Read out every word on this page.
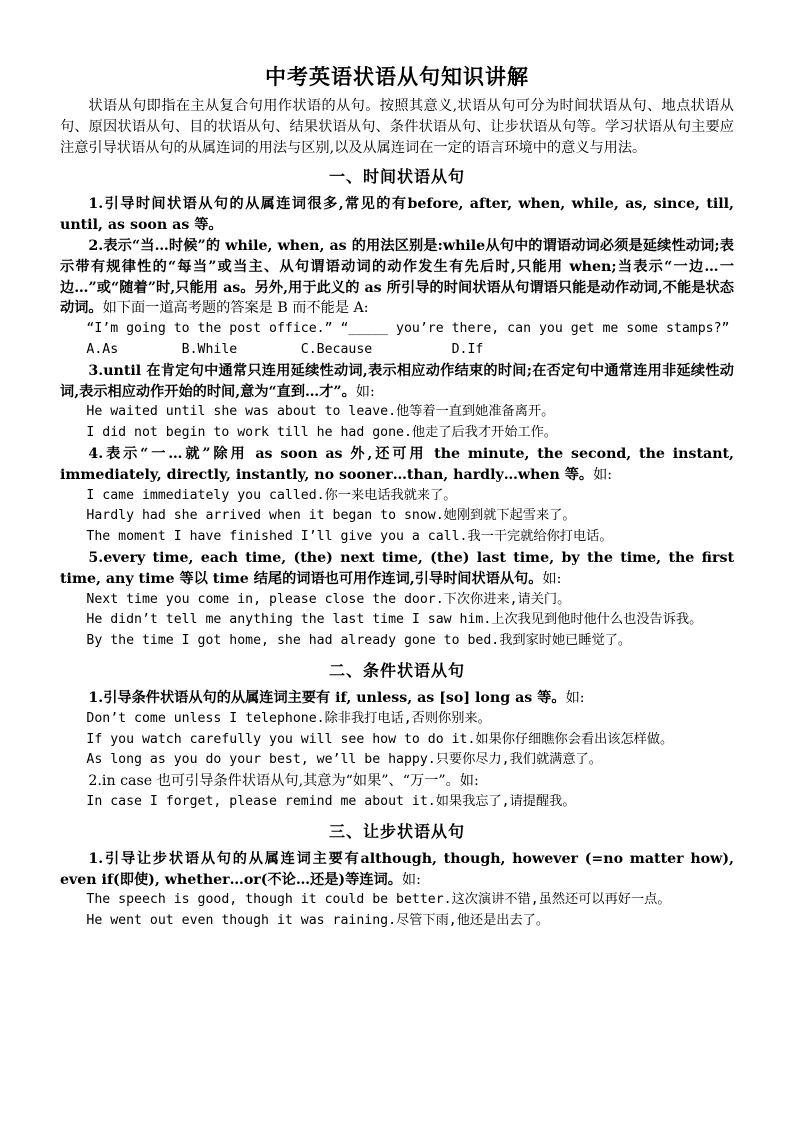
中考英语状语从句知识讲解

状语从句即指在主从复合句用作状语的从句。按照其意义,状语从句可分为时间状语从句、地点状语从句、原因状语从句、目的状语从句、结果状语从句、条件状语从句、让步状语从句等。学习状语从句主要应注意引导状语从句的从属连词的用法与区别,以及从属连词在一定的语言环境中的意义与用法。

一、时间状语从句

1.引导时间状语从句的从属连词很多,常见的有before, after, when, while, as, since, till, until, as soon as 等。

2.表示“当…时候”的 while, when, as 的用法区别是:while从句中的谓语动词必须是延续性动词;表示带有规律性的“每当”或当主、从句谓语动词的动作发生有先后时,只能用 when;当表示“一边…一边…”或“随着”时,只能用 as。另外,用于此义的 as 所引导的时间状语从句谓语只能是动作动词,不能是状态动词。如下面一道高考题的答案是 B 而不能是 A:

“I’m going to the post office.” “_____ you’re there, can you get me some stamps?”

A.As        B.While        C.Because          D.If

3.until 在肯定句中通常只连用延续性动词,表示相应动作结束的时间;在否定句中通常连用非延续性动词,表示相应动作开始的时间,意为“直到…才”。如:

He waited until she was about to leave.他等着一直到她准备离开。

I did not begin to work till he had gone.他走了后我才开始工作。

4.表示“一…就”除用 as soon as 外,还可用 the minute, the second, the instant, immediately, directly, instantly, no sooner…than, hardly…when 等。如:

I came immediately you called.你一来电话我就来了。

Hardly had she arrived when it began to snow.她刚到就下起雪来了。

The moment I have finished I’ll give you a call.我一干完就给你打电话。

5.every time, each time, (the) next time, (the) last time, by the time, the first time, any time 等以 time 结尾的词语也可用作连词,引导时间状语从句。如:

Next time you come in, please close the door.下次你进来,请关门。

He didn’t tell me anything the last time I saw him.上次我见到他时他什么也没告诉我。

By the time I got home, she had already gone to bed.我到家时她已睡觉了。

二、条件状语从句

1.引导条件状语从句的从属连词主要有 if, unless, as [so] long as 等。如:

Don’t come unless I telephone.除非我打电话,否则你别来。

If you watch carefully you will see how to do it.如果你仔细瞧你会看出该怎样做。

As long as you do your best, we’ll be happy.只要你尽力,我们就满意了。

2.in case 也可引导条件状语从句,其意为“如果”、“万一”。如:

In case I forget, please remind me about it.如果我忘了,请提醒我。

三、让步状语从句

1.引导让步状语从句的从属连词主要有although, though, however (=no matter how), even if(即使), whether…or(不论…还是)等连词。如:

The speech is good, though it could be better.这次演讲不错,虽然还可以再好一点。

He went out even though it was raining.尽管下雨,他还是出去了。
